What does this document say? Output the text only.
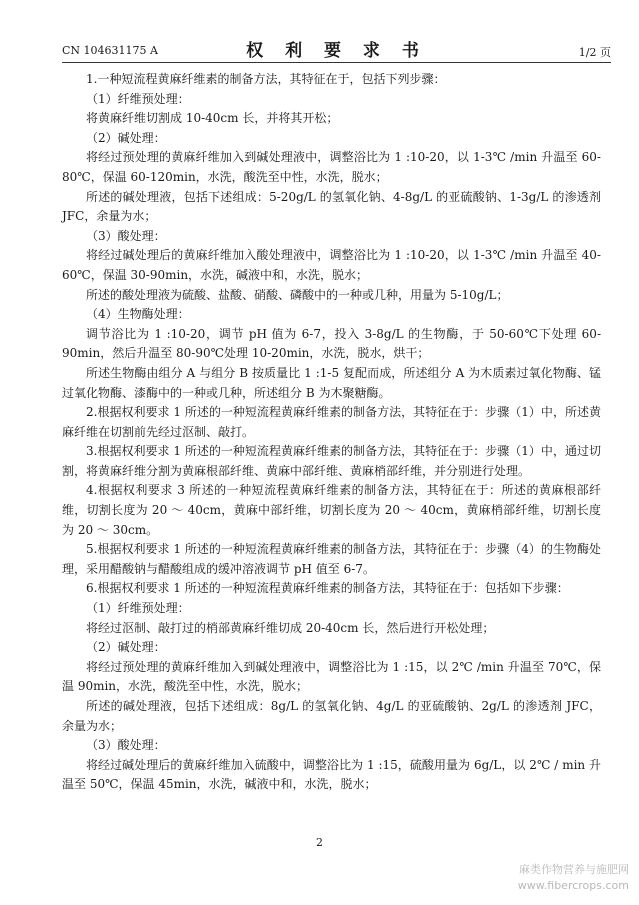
CN 104631175 A	权 利 要 求 书	1/2 页

1.一种短流程黄麻纤维素的制备方法，其特征在于，包括下列步骤：

（1）纤维预处理：

将黄麻纤维切割成 10-40cm 长，并将其开松；

（2）碱处理：

将经过预处理的黄麻纤维加入到碱处理液中，调整浴比为 1 :10-20，以 1-3℃ /min 升温至 60-80℃，保温 60-120min，水洗，酸洗至中性，水洗，脱水；

所述的碱处理液，包括下述组成：5-20g/L 的氢氧化钠、4-8g/L 的亚硫酸钠、1-3g/L 的渗透剂 JFC，余量为水；

（3）酸处理：

将经过碱处理后的黄麻纤维加入酸处理液中，调整浴比为 1 :10-20，以 1-3℃ /min 升温至 40-60℃，保温 30-90min，水洗，碱液中和，水洗，脱水；

所述的酸处理液为硫酸、盐酸、硝酸、磷酸中的一种或几种，用量为 5-10g/L；

（4）生物酶处理：

调节浴比为 1 :10-20，调节 pH 值为 6-7，投入 3-8g/L 的生物酶，于 50-60℃下处理 60-90min，然后升温至 80-90℃处理 10-20min，水洗，脱水，烘干；

所述生物酶由组分 A 与组分 B 按质量比 1 :1-5 复配而成，所述组分 A 为木质素过氧化物酶、锰过氧化物酶、漆酶中的一种或几种，所述组分 B 为木聚糖酶。

2.根据权利要求 1 所述的一种短流程黄麻纤维素的制备方法，其特征在于：步骤（1）中，所述黄麻纤维在切割前先经过沤制、敲打。

3.根据权利要求 1 所述的一种短流程黄麻纤维素的制备方法，其特征在于：步骤（1）中，通过切割，将黄麻纤维分割为黄麻根部纤维、黄麻中部纤维、黄麻梢部纤维，并分别进行处理。

4.根据权利要求 3 所述的一种短流程黄麻纤维素的制备方法，其特征在于：所述的黄麻根部纤维，切割长度为 20 ～ 40cm，黄麻中部纤维，切割长度为 20 ～ 40cm，黄麻梢部纤维，切割长度为 20 ～ 30cm。

5.根据权利要求 1 所述的一种短流程黄麻纤维素的制备方法，其特征在于：步骤（4）的生物酶处理，采用醋酸钠与醋酸组成的缓冲溶液调节 pH 值至 6-7。

6.根据权利要求 1 所述的一种短流程黄麻纤维素的制备方法，其特征在于：包括如下步骤：

（1）纤维预处理：

将经过沤制、敲打过的梢部黄麻纤维切成 20-40cm 长，然后进行开松处理；

（2）碱处理：

将经过预处理的黄麻纤维加入到碱处理液中，调整浴比为 1 :15，以 2℃ /min 升温至 70℃，保温 90min，水洗，酸洗至中性，水洗，脱水；

所述的碱处理液，包括下述组成：8g/L 的氢氧化钠、4g/L 的亚硫酸钠、2g/L 的渗透剂 JFC，余量为水；

（3）酸处理：

将经过碱处理后的黄麻纤维加入硫酸中，调整浴比为 1 :15，硫酸用量为 6g/L，以 2℃ / min 升温至 50℃，保温 45min，水洗，碱液中和，水洗，脱水；

2
麻类作物营养与施肥网
www.fibercrops.com
